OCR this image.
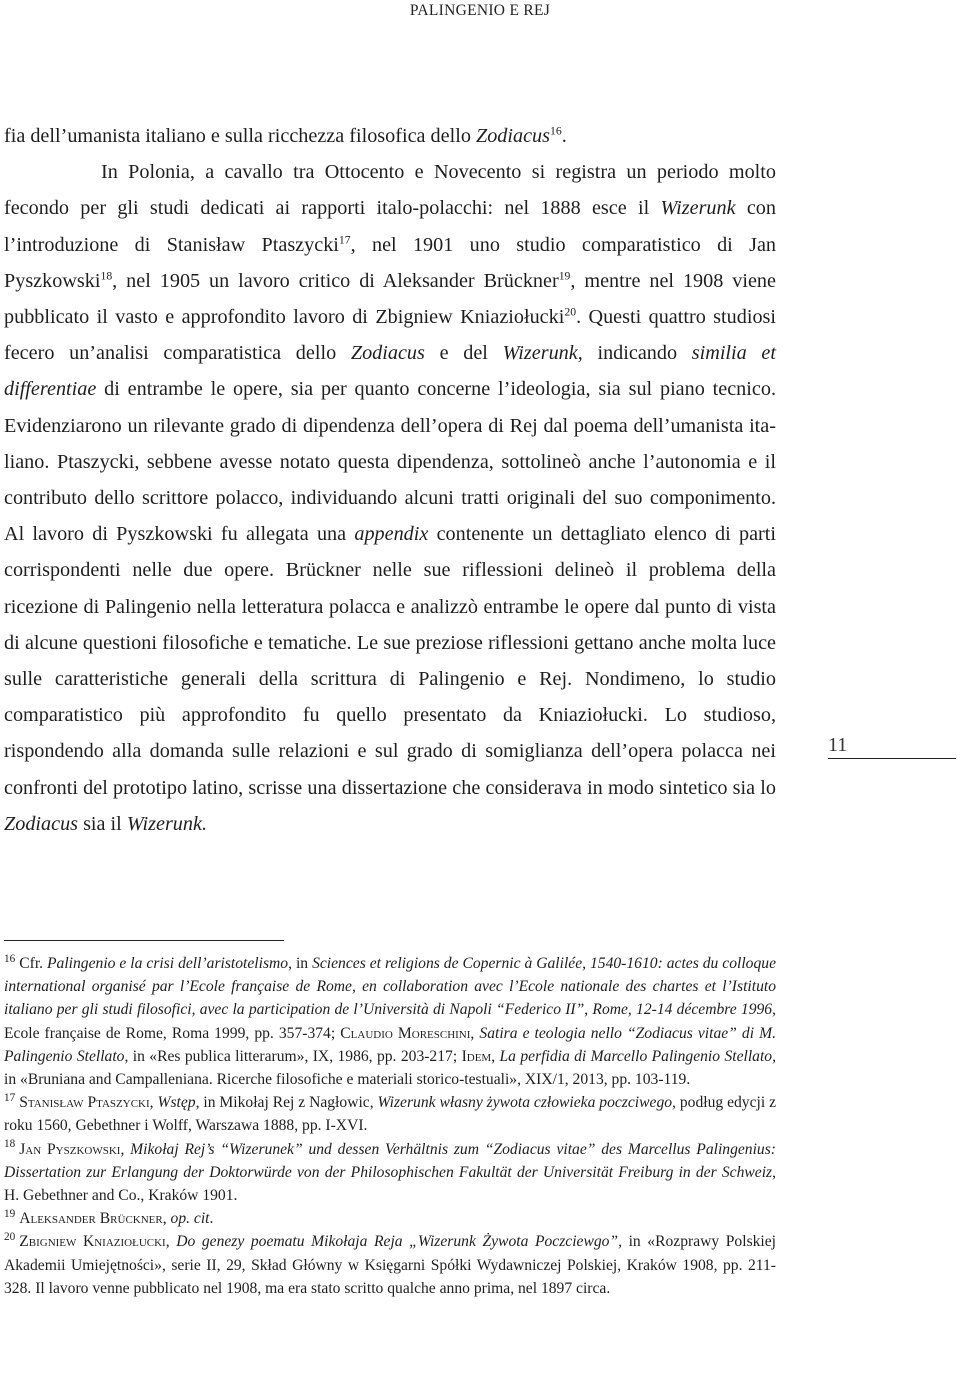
PALINGENIO E REJ

fia dell’umanista italiano e sulla ricchezza filosofica dello Zodiacus$^{16}$.

In Polonia, a cavallo tra Ottocento e Novecento si registra un periodo molto fecondo per gli studi dedicati ai rapporti italo-polacchi: nel 1888 esce il Wizerunk con l’introduzione di Stanisław Ptaszycki$^{17}$, nel 1901 uno studio comparatistico di Jan Pyszkowski$^{18}$, nel 1905 un lavoro critico di Aleksander Brückner$^{19}$, mentre nel 1908 viene pubblicato il vasto e approfondito lavoro di Zbigniew Kniaziołucki$^{20}$. Questi quattro studiosi fecero un’analisi comparatistica dello Zodiacus e del Wizerunk, indicando similia et differentiae di entrambe le opere, sia per quanto concerne l’ideologia, sia sul piano tecnico. Evidenziarono un rilevante grado di dipendenza dell’opera di Rej dal poema dell’umanista italiano. Ptaszycki, sebbene avesse notato questa dipendenza, sottolineò anche l’autonomia e il contributo dello scrittore polacco, individuando alcuni tratti originali del suo componimento. Al lavoro di Pyszkowski fu allegata una appendix contenente un dettagliato elenco di parti corrispondenti nelle due opere. Brückner nelle sue riflessioni delineò il problema della ricezione di Palingenio nella letteratura polacca e analizzò entrambe le opere dal punto di vista di alcune questioni filosofiche e tematiche. Le sue preziose riflessioni gettano anche molta luce sulle caratteristiche generali della scrittura di Palingenio e Rej. Nondimeno, lo studio comparatistico più approfondito fu quello presentato da Kniaziołucki. Lo studioso, rispondendo alla domanda sulle relazioni e sul grado di somiglianza dell’opera polacca nei confronti del prototipo latino, scrisse una dissertazione che considerava in modo sintetico sia lo Zodiacus sia il Wizerunk.

11

$^{16}$ Cfr. Palingenio e la crisi dell’aristotelismo, in Sciences et religions de Copernic à Galilée, 1540-1610: actes du colloque international organisé par l’Ecole française de Rome, en collaboration avec l’Ecole nationale des chartes et l’Istituto italiano per gli studi filosofici, avec la participation de l’Università di Napoli “Federico II”, Rome, 12-14 décembre 1996, Ecole française de Rome, Roma 1999, pp. 357-374; Claudio Moreschini, Satira e teologia nello “Zodiacus vitae” di M. Palingenio Stellato, in «Res publica litterarum», IX, 1986, pp. 203-217; Idem, La perfidia di Marcello Palingenio Stellato, in «Bruniana and Campalleniana. Ricerche filosofiche e materiali storico-testuali», XIX/1, 2013, pp. 103-119.

$^{17}$ Stanisław Ptaszycki, Wstęp, in Mikołaj Rej z Nagłowic, Wizerunk własny żywota człowieka poczciwego, podług edycji z roku 1560, Gebethner i Wolff, Warszawa 1888, pp. I-XVI.

$^{18}$ Jan Pyszkowski, Mikołaj Rej’s “Wizerunek” und dessen Verhältnis zum “Zodiacus vitae” des Marcellus Palingenius: Dissertation zur Erlangung der Doktorwürde von der Philosophischen Fakultät der Universität Freiburg in der Schweiz, H. Gebethner and Co., Kraków 1901.

$^{19}$ Aleksander Brückner, op. cit.

$^{20}$ Zbigniew Kniaziołucki, Do genezy poematu Mikołaja Reja „Wizerunk Żywota Poczciewgo”, in «Rozprawy Polskiej Akademii Umiejętności», serie II, 29, Skład Główny w Księgarni Spółki Wydawniczej Polskiej, Kraków 1908, pp. 211-328. Il lavoro venne pubblicato nel 1908, ma era stato scritto qualche anno prima, nel 1897 circa.
